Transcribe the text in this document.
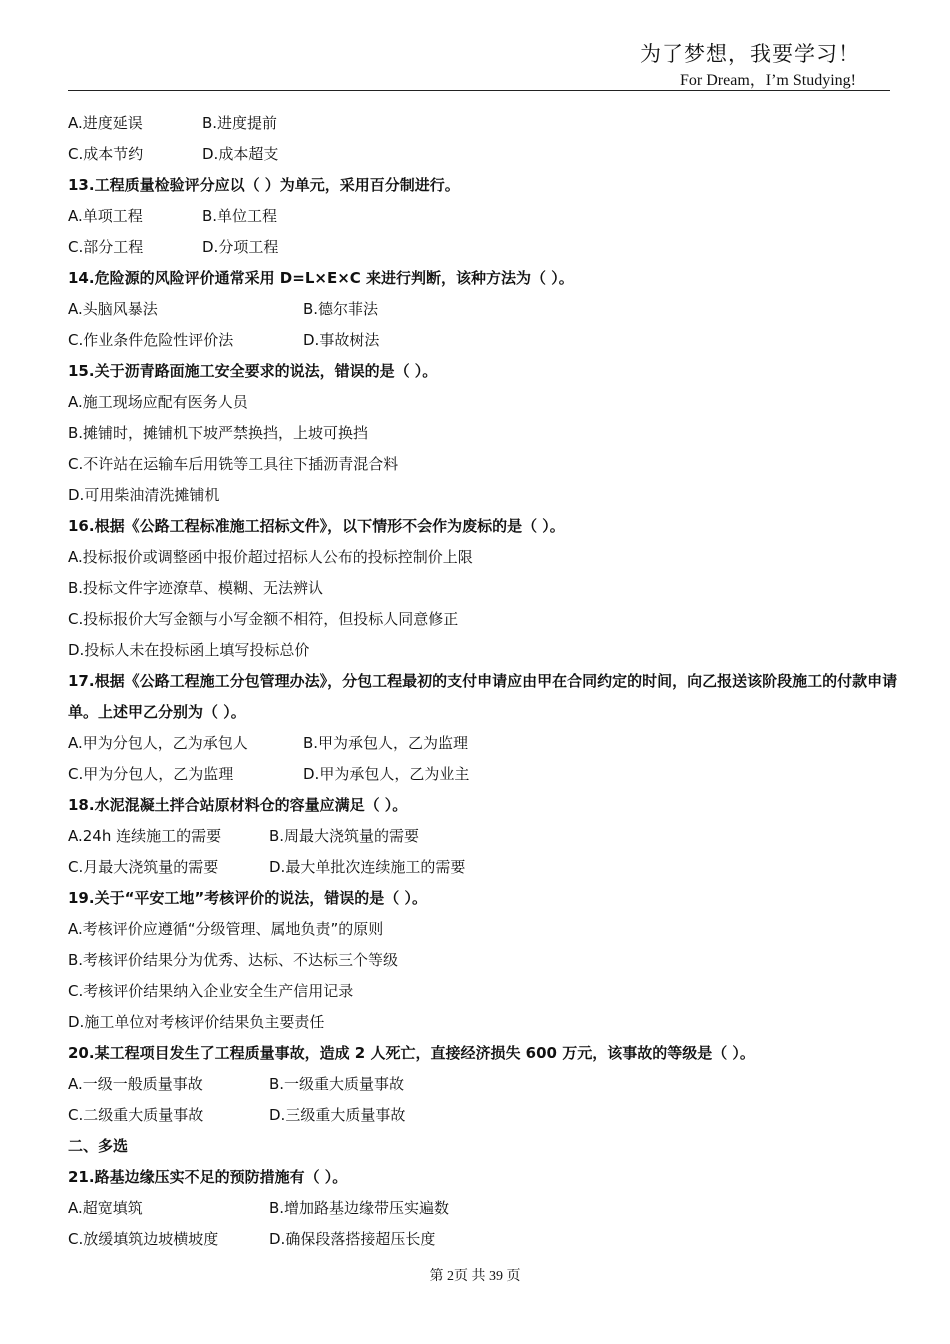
为了梦想，我要学习！
For Dream，I’m Studying!
A.进度延误	B.进度提前
C.成本节约	D.成本超支
13.工程质量检验评分应以（ ）为单元，采用百分制进行。
A.单项工程	B.单位工程
C.部分工程	D.分项工程
14.危险源的风险评价通常采用 D=L×E×C 来进行判断，该种方法为（ ）。
A.头脑风暴法	B.德尔菲法
C.作业条件危险性评价法	D.事故树法
15.关于沥青路面施工安全要求的说法，错误的是（ ）。
A.施工现场应配有医务人员
B.摊铺时，摊铺机下坡严禁换挡，上坡可换挡
C.不许站在运输车后用铣等工具往下插沥青混合料
D.可用柴油清洗摊铺机
16.根据《公路工程标准施工招标文件》，以下情形不会作为废标的是（ ）。
A.投标报价或调整函中报价超过招标人公布的投标控制价上限
B.投标文件字迹潦草、模糊、无法辨认
C.投标报价大写金额与小写金额不相符，但投标人同意修正
D.投标人未在投标函上填写投标总价
17.根据《公路工程施工分包管理办法》，分包工程最初的支付申请应由甲在合同约定的时间，向乙报送该阶段施工的付款申请单。上述甲乙分别为（ ）。
A.甲为分包人，乙为承包人	B.甲为承包人，乙为监理
C.甲为分包人，乙为监理	D.甲为承包人，乙为业主
18.水泥混凝土拌合站原材料仓的容量应满足（ ）。
A.24h 连续施工的需要	B.周最大浇筑量的需要
C.月最大浇筑量的需要	D.最大单批次连续施工的需要
19.关于“平安工地”考核评价的说法，错误的是（ ）。
A.考核评价应遵循“分级管理、属地负责”的原则
B.考核评价结果分为优秀、达标、不达标三个等级
C.考核评价结果纳入企业安全生产信用记录
D.施工单位对考核评价结果负主要责任
20.某工程项目发生了工程质量事故，造成 2 人死亡，直接经济损失 600 万元，该事故的等级是（ ）。
A.一级一般质量事故	B.一级重大质量事故
C.二级重大质量事故	D.三级重大质量事故
二、多选
21.路基边缘压实不足的预防措施有（ ）。
A.超宽填筑	B.增加路基边缘带压实遍数
C.放缓填筑边坡横坡度	D.确保段落搭接超压长度
第 2页 共 39 页
